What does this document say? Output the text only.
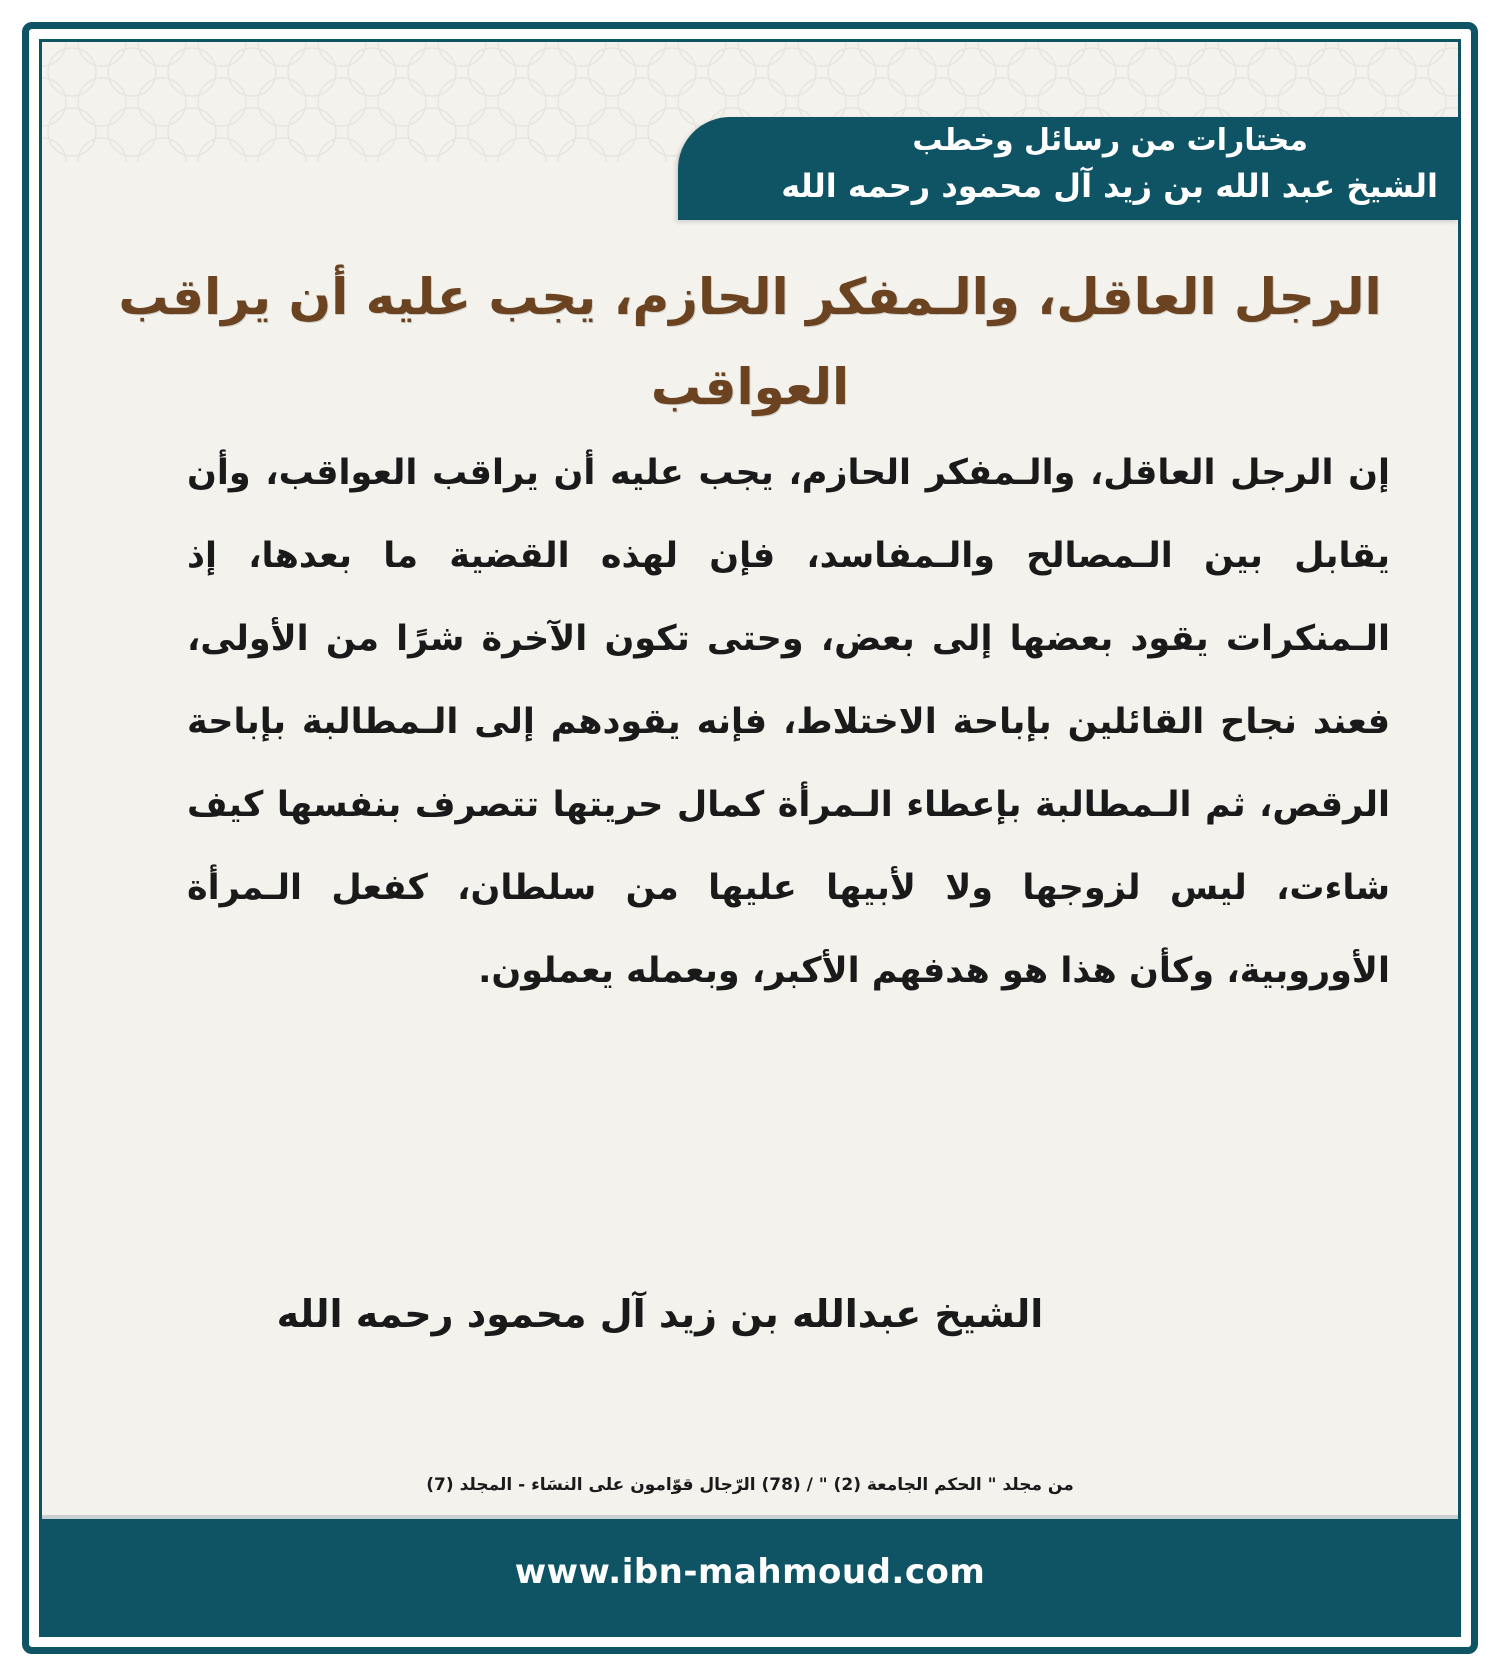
مختارات من رسائل وخطب
الشيخ عبد الله بن زيد آل محمود رحمه الله
الرجل العاقل، والـمفكر الحازم، يجب عليه أن يراقب العواقب
إن الرجل العاقل، والـمفكر الحازم، يجب عليه أن يراقب العواقب، وأن يقابل بين الـمصالح والـمفاسد، فإن لهذه القضية ما بعدها، إذ الـمنكرات يقود بعضها إلى بعض، وحتى تكون الآخرة شرًا من الأولى، فعند نجاح القائلين بإباحة الاختلاط، فإنه يقودهم إلى الـمطالبة بإباحة الرقص، ثم الـمطالبة بإعطاء الـمرأة كمال حريتها تتصرف بنفسها كيف شاءت، ليس لزوجها ولا لأبيها عليها من سلطان، كفعل الـمرأة الأوروبية، وكأن هذا هو هدفهم الأكبر، وبعمله يعملون.
الشيخ عبدالله بن زيد آل محمود رحمه الله
من مجلد " الحكم الجامعة (2) " / (78) الرّجال قوّامون على النسَاء - المجلد (7)
www.ibn-mahmoud.com
